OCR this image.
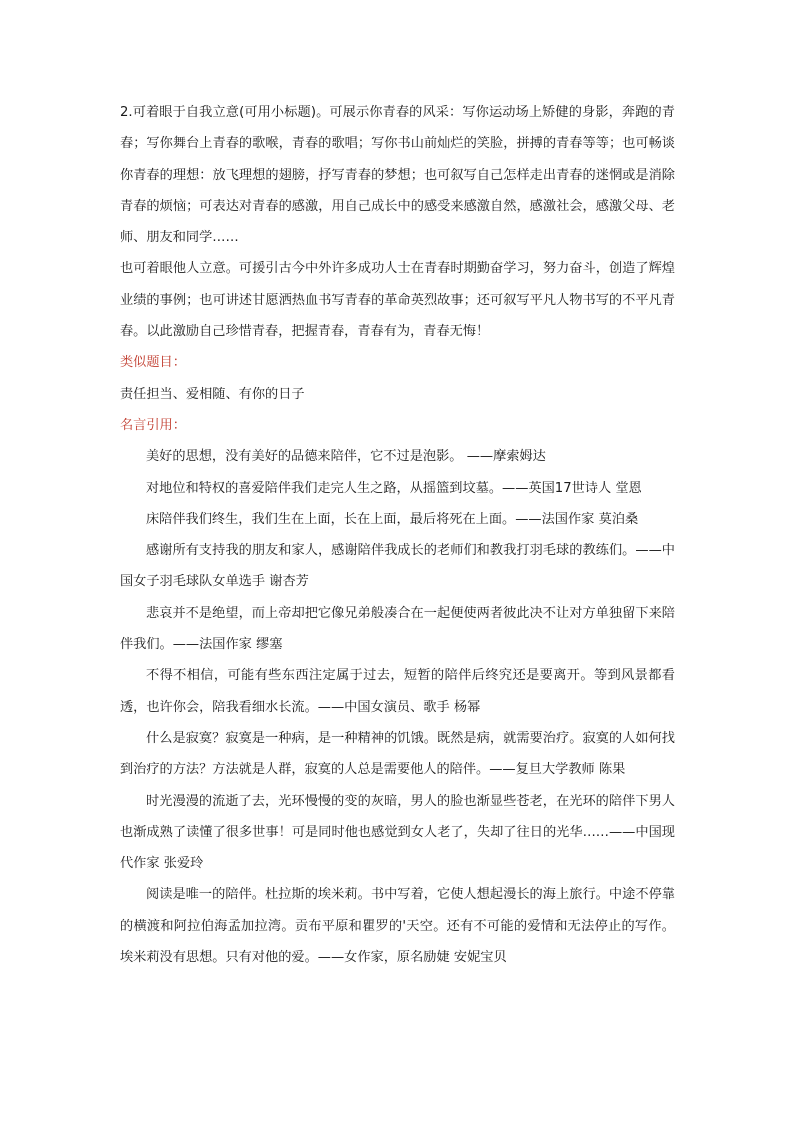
2.可着眼于自我立意(可用小标题)。可展示你青春的风采：写你运动场上矫健的身影，奔跑的青春；写你舞台上青春的歌喉，青春的歌唱；写你书山前灿烂的笑脸，拼搏的青春等等；也可畅谈你青春的理想：放飞理想的翅膀，抒写青春的梦想；也可叙写自己怎样走出青春的迷惘或是消除青春的烦恼；可表达对青春的感激，用自己成长中的感受来感激自然，感激社会，感激父母、老师、朋友和同学……

也可着眼他人立意。可援引古今中外许多成功人士在青春时期勤奋学习，努力奋斗，创造了辉煌业绩的事例；也可讲述甘愿洒热血书写青春的革命英烈故事；还可叙写平凡人物书写的不平凡青春。以此激励自己珍惜青春，把握青春，青春有为，青春无悔！

类似题目：

责任担当、爱相随、有你的日子

名言引用：

美好的思想，没有美好的品德来陪伴，它不过是泡影。 ——摩索姆达

对地位和特权的喜爱陪伴我们走完人生之路，从摇篮到坟墓。——英国17世诗人 堂恩

床陪伴我们终生，我们生在上面，长在上面，最后将死在上面。——法国作家 莫泊桑

感谢所有支持我的朋友和家人，感谢陪伴我成长的老师们和教我打羽毛球的教练们。——中国女子羽毛球队女单选手 谢杏芳

悲哀并不是绝望，而上帝却把它像兄弟般凑合在一起便使两者彼此决不让对方单独留下来陪伴我们。——法国作家 缪塞

不得不相信，可能有些东西注定属于过去，短暂的陪伴后终究还是要离开。等到风景都看透，也许你会，陪我看细水长流。——中国女演员、歌手 杨幂

什么是寂寞？寂寞是一种病，是一种精神的饥饿。既然是病，就需要治疗。寂寞的人如何找到治疗的方法？方法就是人群，寂寞的人总是需要他人的陪伴。——复旦大学教师 陈果

时光漫漫的流逝了去，光环慢慢的变的灰暗，男人的脸也渐显些苍老，在光环的陪伴下男人也渐成熟了读懂了很多世事！可是同时他也感觉到女人老了，失却了往日的光华……——中国现代作家 张爱玲

阅读是唯一的陪伴。杜拉斯的埃米莉。书中写着，它使人想起漫长的海上旅行。中途不停靠的横渡和阿拉伯海孟加拉湾。贡布平原和瞿罗的'天空。还有不可能的爱情和无法停止的写作。埃米莉没有思想。只有对他的爱。——女作家，原名励婕 安妮宝贝
